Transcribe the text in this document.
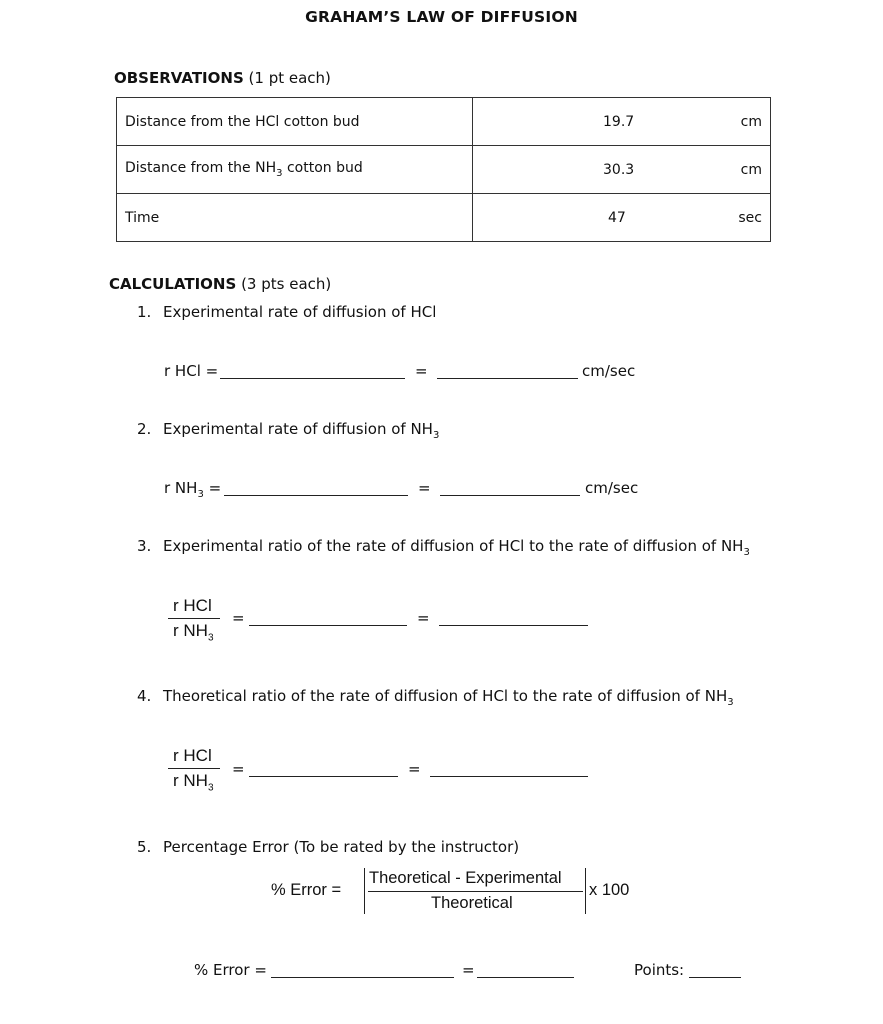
GRAHAM’S LAW OF DIFFUSION
OBSERVATIONS (1 pt each)
Distance from the HCl cotton bud	19.7 cm

Distance from the $NH_3$ cotton bud	30.3 cm

Time	47 sec
CALCULATIONS (3 pts each)
1. Experimental rate of diffusion of HCl
r HCl =	=	cm/sec
2. Experimental rate of diffusion of $NH_3$
r $NH_3$ =	=	cm/sec
3. Experimental ratio of the rate of diffusion of HCl to the rate of diffusion of $NH_3$
r HCl
r $NH_3$
=	=
4. Theoretical ratio of the rate of diffusion of HCl to the rate of diffusion of $NH_3$
r HCl
r $NH_3$
=	=
5. Percentage Error (To be rated by the instructor)
% Error =
Theoretical - Experimental
Theoretical
x 100
% Error =	=	Points:
